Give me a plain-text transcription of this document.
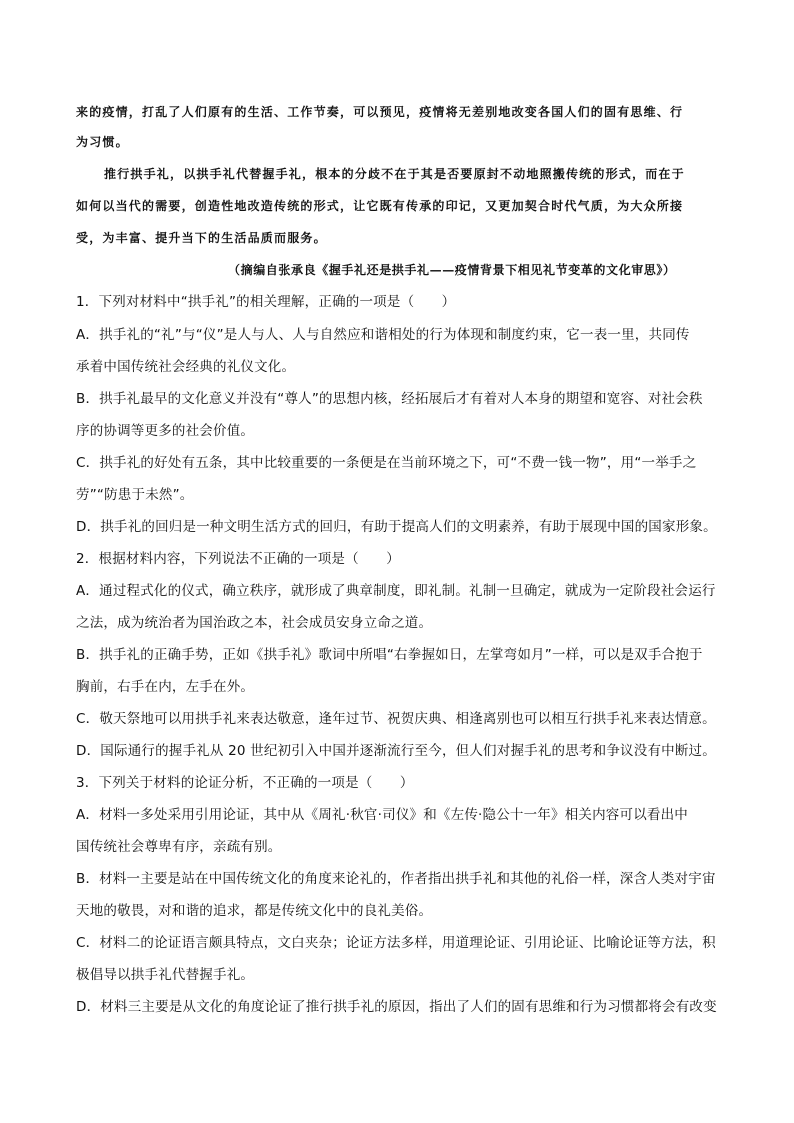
来的疫情，打乱了人们原有的生活、工作节奏，可以预见，疫情将无差别地改变各国人们的固有思维、行
为习惯。
推行拱手礼，以拱手礼代替握手礼，根本的分歧不在于其是否要原封不动地照搬传统的形式，而在于
如何以当代的需要，创造性地改造传统的形式，让它既有传承的印记，又更加契合时代气质，为大众所接
受，为丰富、提升当下的生活品质而服务。
（摘编自张承良《握手礼还是拱手礼——疫情背景下相见礼节变革的文化审思》）
1．下列对材料中“拱手礼”的相关理解，正确的一项是（　　）
A．拱手礼的“礼”与“仪”是人与人、人与自然应和谐相处的行为体现和制度约束，它一表一里，共同传
承着中国传统社会经典的礼仪文化。
B．拱手礼最早的文化意义并没有“尊人”的思想内核，经拓展后才有着对人本身的期望和宽容、对社会秩
序的协调等更多的社会价值。
C．拱手礼的好处有五条，其中比较重要的一条便是在当前环境之下，可“不费一钱一物”，用“一举手之
劳”“防患于未然”。
D．拱手礼的回归是一种文明生活方式的回归，有助于提高人们的文明素养，有助于展现中国的国家形象。
2．根据材料内容，下列说法不正确的一项是（　　）
A．通过程式化的仪式，确立秩序，就形成了典章制度，即礼制。礼制一旦确定，就成为一定阶段社会运行
之法，成为统治者为国治政之本，社会成员安身立命之道。
B．拱手礼的正确手势，正如《拱手礼》歌词中所唱“右拳握如日，左掌弯如月”一样，可以是双手合抱于
胸前，右手在内，左手在外。
C．敬天祭地可以用拱手礼来表达敬意，逢年过节、祝贺庆典、相逢离别也可以相互行拱手礼来表达情意。
D．国际通行的握手礼从 20 世纪初引入中国并逐渐流行至今，但人们对握手礼的思考和争议没有中断过。
3．下列关于材料的论证分析，不正确的一项是（　　）
A．材料一多处采用引用论证，其中从《周礼·秋官·司仪》和《左传·隐公十一年》相关内容可以看出中
国传统社会尊卑有序，亲疏有别。
B．材料一主要是站在中国传统文化的角度来论礼的，作者指出拱手礼和其他的礼俗一样，深含人类对宇宙
天地的敬畏，对和谐的追求，都是传统文化中的良礼美俗。
C．材料二的论证语言颇具特点，文白夹杂；论证方法多样，用道理论证、引用论证、比喻论证等方法，积
极倡导以拱手礼代替握手礼。
D．材料三主要是从文化的角度论证了推行拱手礼的原因，指出了人们的固有思维和行为习惯都将会有改变
